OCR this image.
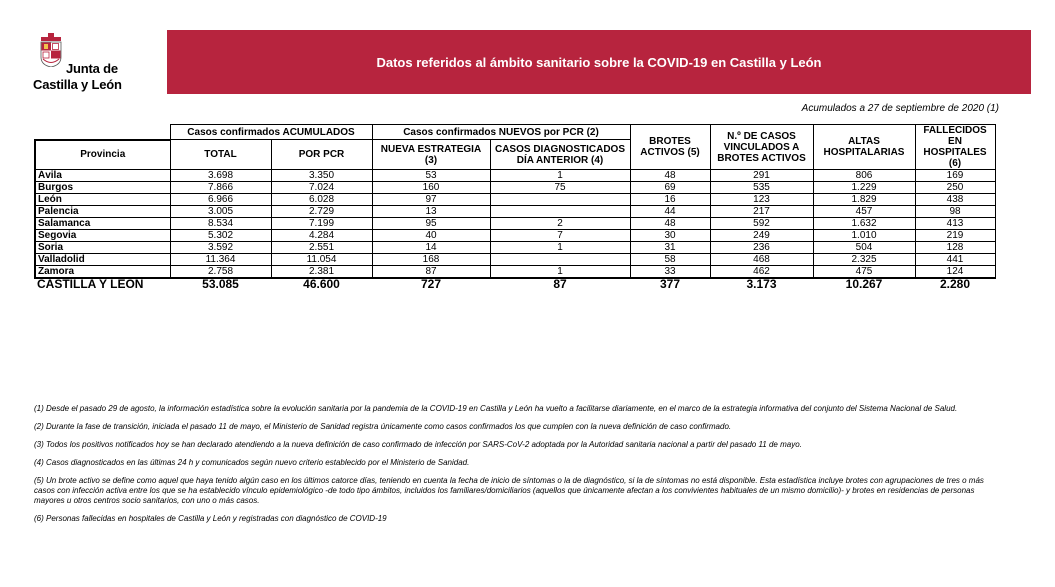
Junta de
Castilla y León
Datos referidos al ámbito sanitario sobre la COVID-19 en Castilla y León
Acumulados a 27 de septiembre de 2020 (1)
	Casos confirmados ACUMULADOS		Casos confirmados NUEVOS por PCR (2)		BROTES ACTIVOS (5)	N.º DE CASOS VINCULADOS A BROTES ACTIVOS	ALTAS HOSPITALARIAS	FALLECIDOS EN HOSPITALES (6)
Provincia	TOTAL	POR PCR	NUEVA ESTRATEGIA (3)	CASOS DIAGNOSTICADOS DÍA ANTERIOR (4)				
Ávila	3.698	3.350	53	1	48	291	806	169
Burgos	7.866	7.024	160	75	69	535	1.229	250
León	6.966	6.028	97		16	123	1.829	438
Palencia	3.005	2.729	13		44	217	457	98
Salamanca	8.534	7.199	95	2	48	592	1.632	413
Segovia	5.302	4.284	40	7	30	249	1.010	219
Soria	3.592	2.551	14	1	31	236	504	128
Valladolid	11.364	11.054	168		58	468	2.325	441
Zamora	2.758	2.381	87	1	33	462	475	124
CASTILLA Y LEÓN	53.085	46.600	727	87	377	3.173	10.267	2.280

(1) Desde el pasado 29 de agosto, la información estadística sobre la evolución sanitaria por la pandemia de la COVID-19 en Castilla y León ha vuelto a facilitarse diariamente, en el marco de la estrategia informativa del conjunto del Sistema Nacional de Salud.

(2) Durante la fase de transición, iniciada el pasado 11 de mayo, el Ministerio de Sanidad registra únicamente como casos confirmados los que cumplen con la nueva definición de caso confirmado.

(3) Todos los positivos notificados hoy se han declarado atendiendo a la nueva definición de caso confirmado de infección por SARS-CoV-2 adoptada por la Autoridad sanitaria nacional a partir del pasado 11 de mayo.

(4) Casos diagnosticados en las últimas 24 h y comunicados según nuevo criterio establecido por el Ministerio de Sanidad.

(5) Un brote activo se define como aquel que haya tenido algún caso en los últimos catorce días, teniendo en cuenta la fecha de inicio de síntomas o la de diagnóstico, si la de síntomas no está disponible. Esta estadística incluye brotes con agrupaciones de tres o más casos con infección activa entre los que se ha establecido vínculo epidemiológico -de todo tipo ámbitos, incluidos los familiares/domiciliarios (aquellos que únicamente afectan a los convivientes habituales de un mismo domicilio)- y brotes en residencias de personas mayores u otros centros socio sanitarios, con uno o más casos.

(6) Personas fallecidas en hospitales de Castilla y León y registradas con diagnóstico de COVID-19
